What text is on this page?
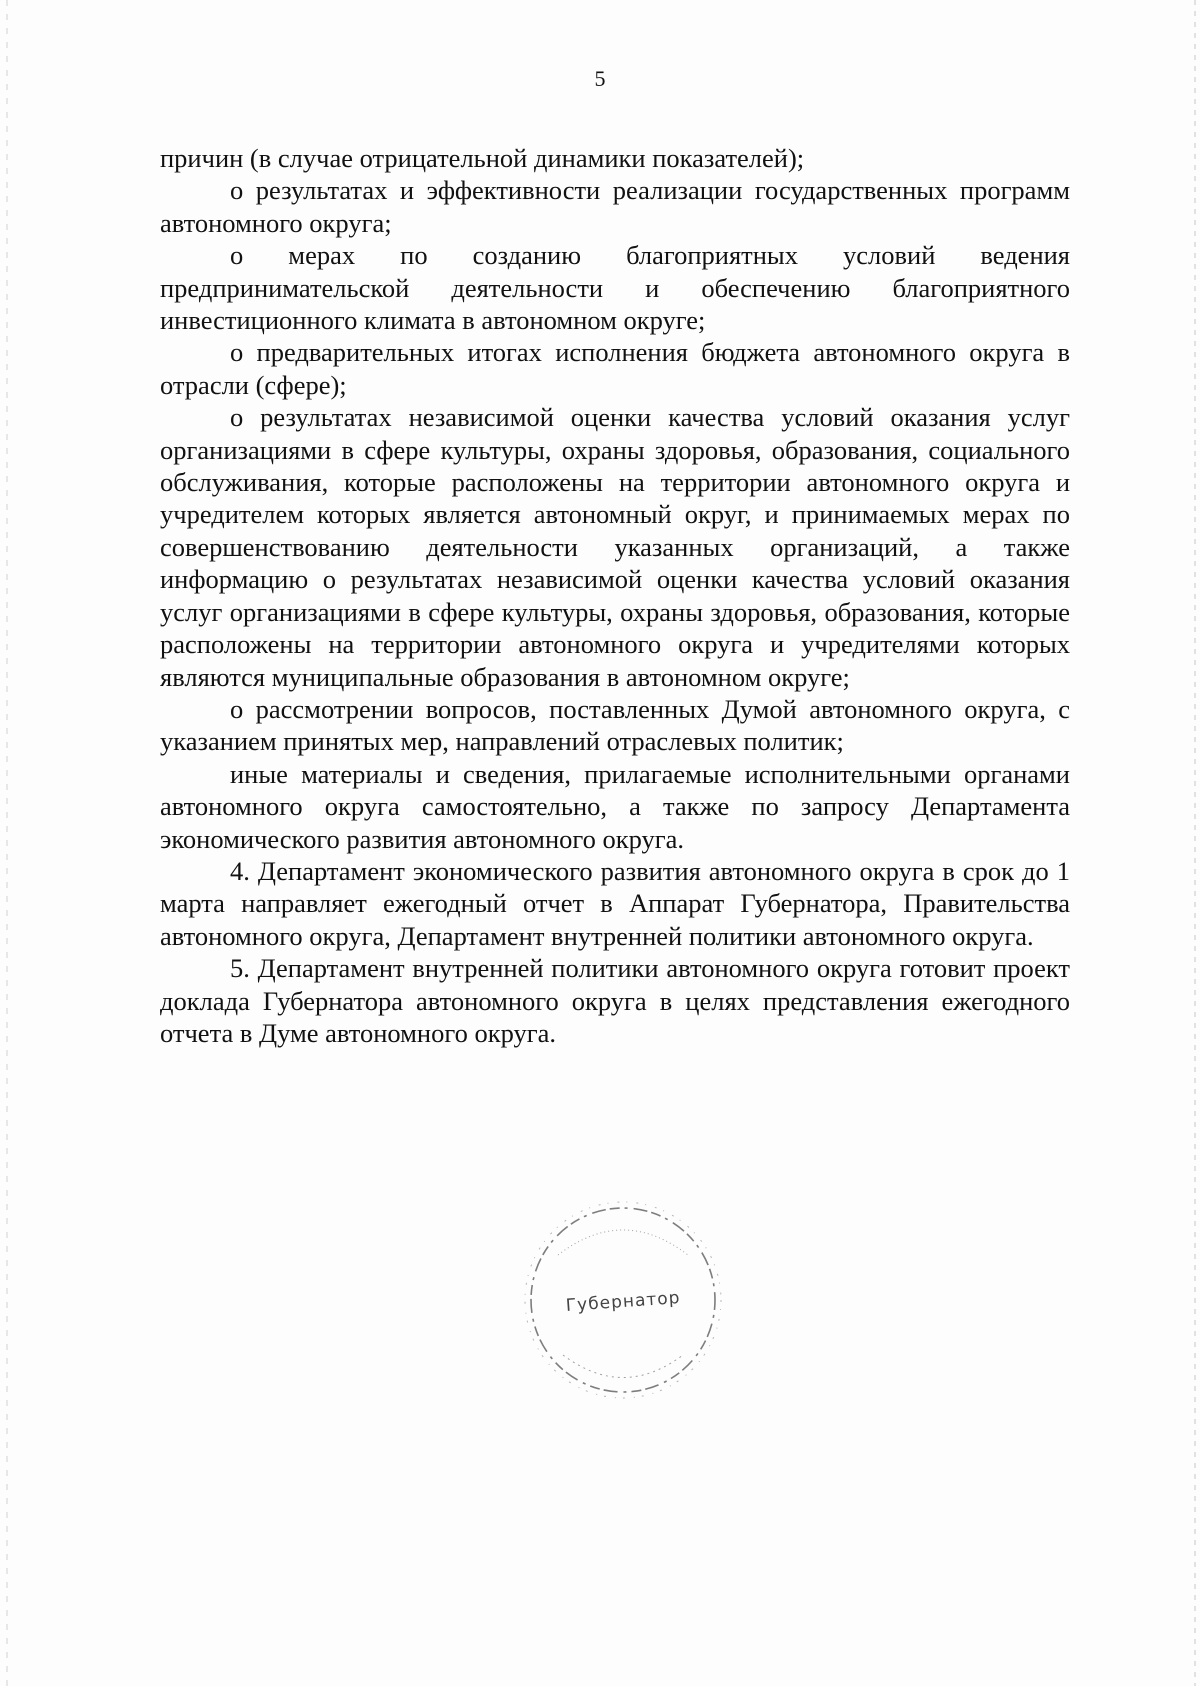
5

причин (в случае отрицательной динамики показателей);

о результатах и эффективности реализации государственных программ автономного округа;

о мерах по созданию благоприятных условий ведения предпринимательской деятельности и обеспечению благоприятного инвестиционного климата в автономном округе;

о предварительных итогах исполнения бюджета автономного округа в отрасли (сфере);

о результатах независимой оценки качества условий оказания услуг организациями в сфере культуры, охраны здоровья, образования, социального обслуживания, которые расположены на территории автономного округа и учредителем которых является автономный округ, и принимаемых мерах по совершенствованию деятельности указанных организаций, а также информацию о результатах независимой оценки качества условий оказания услуг организациями в сфере культуры, охраны здоровья, образования, которые расположены на территории автономного округа и учредителями которых являются муниципальные образования в автономном округе;

о рассмотрении вопросов, поставленных Думой автономного округа, с указанием принятых мер, направлений отраслевых политик;

иные материалы и сведения, прилагаемые исполнительными органами автономного округа самостоятельно, а также по запросу Департамента экономического развития автономного округа.

4. Департамент экономического развития автономного округа в срок до 1 марта направляет ежегодный отчет в Аппарат Губернатора, Правительства автономного округа, Департамент внутренней политики автономного округа.

5. Департамент внутренней политики автономного округа готовит проект доклада Губернатора автономного округа в целях представления ежегодного отчета в Думе автономного округа.

Губернатор
